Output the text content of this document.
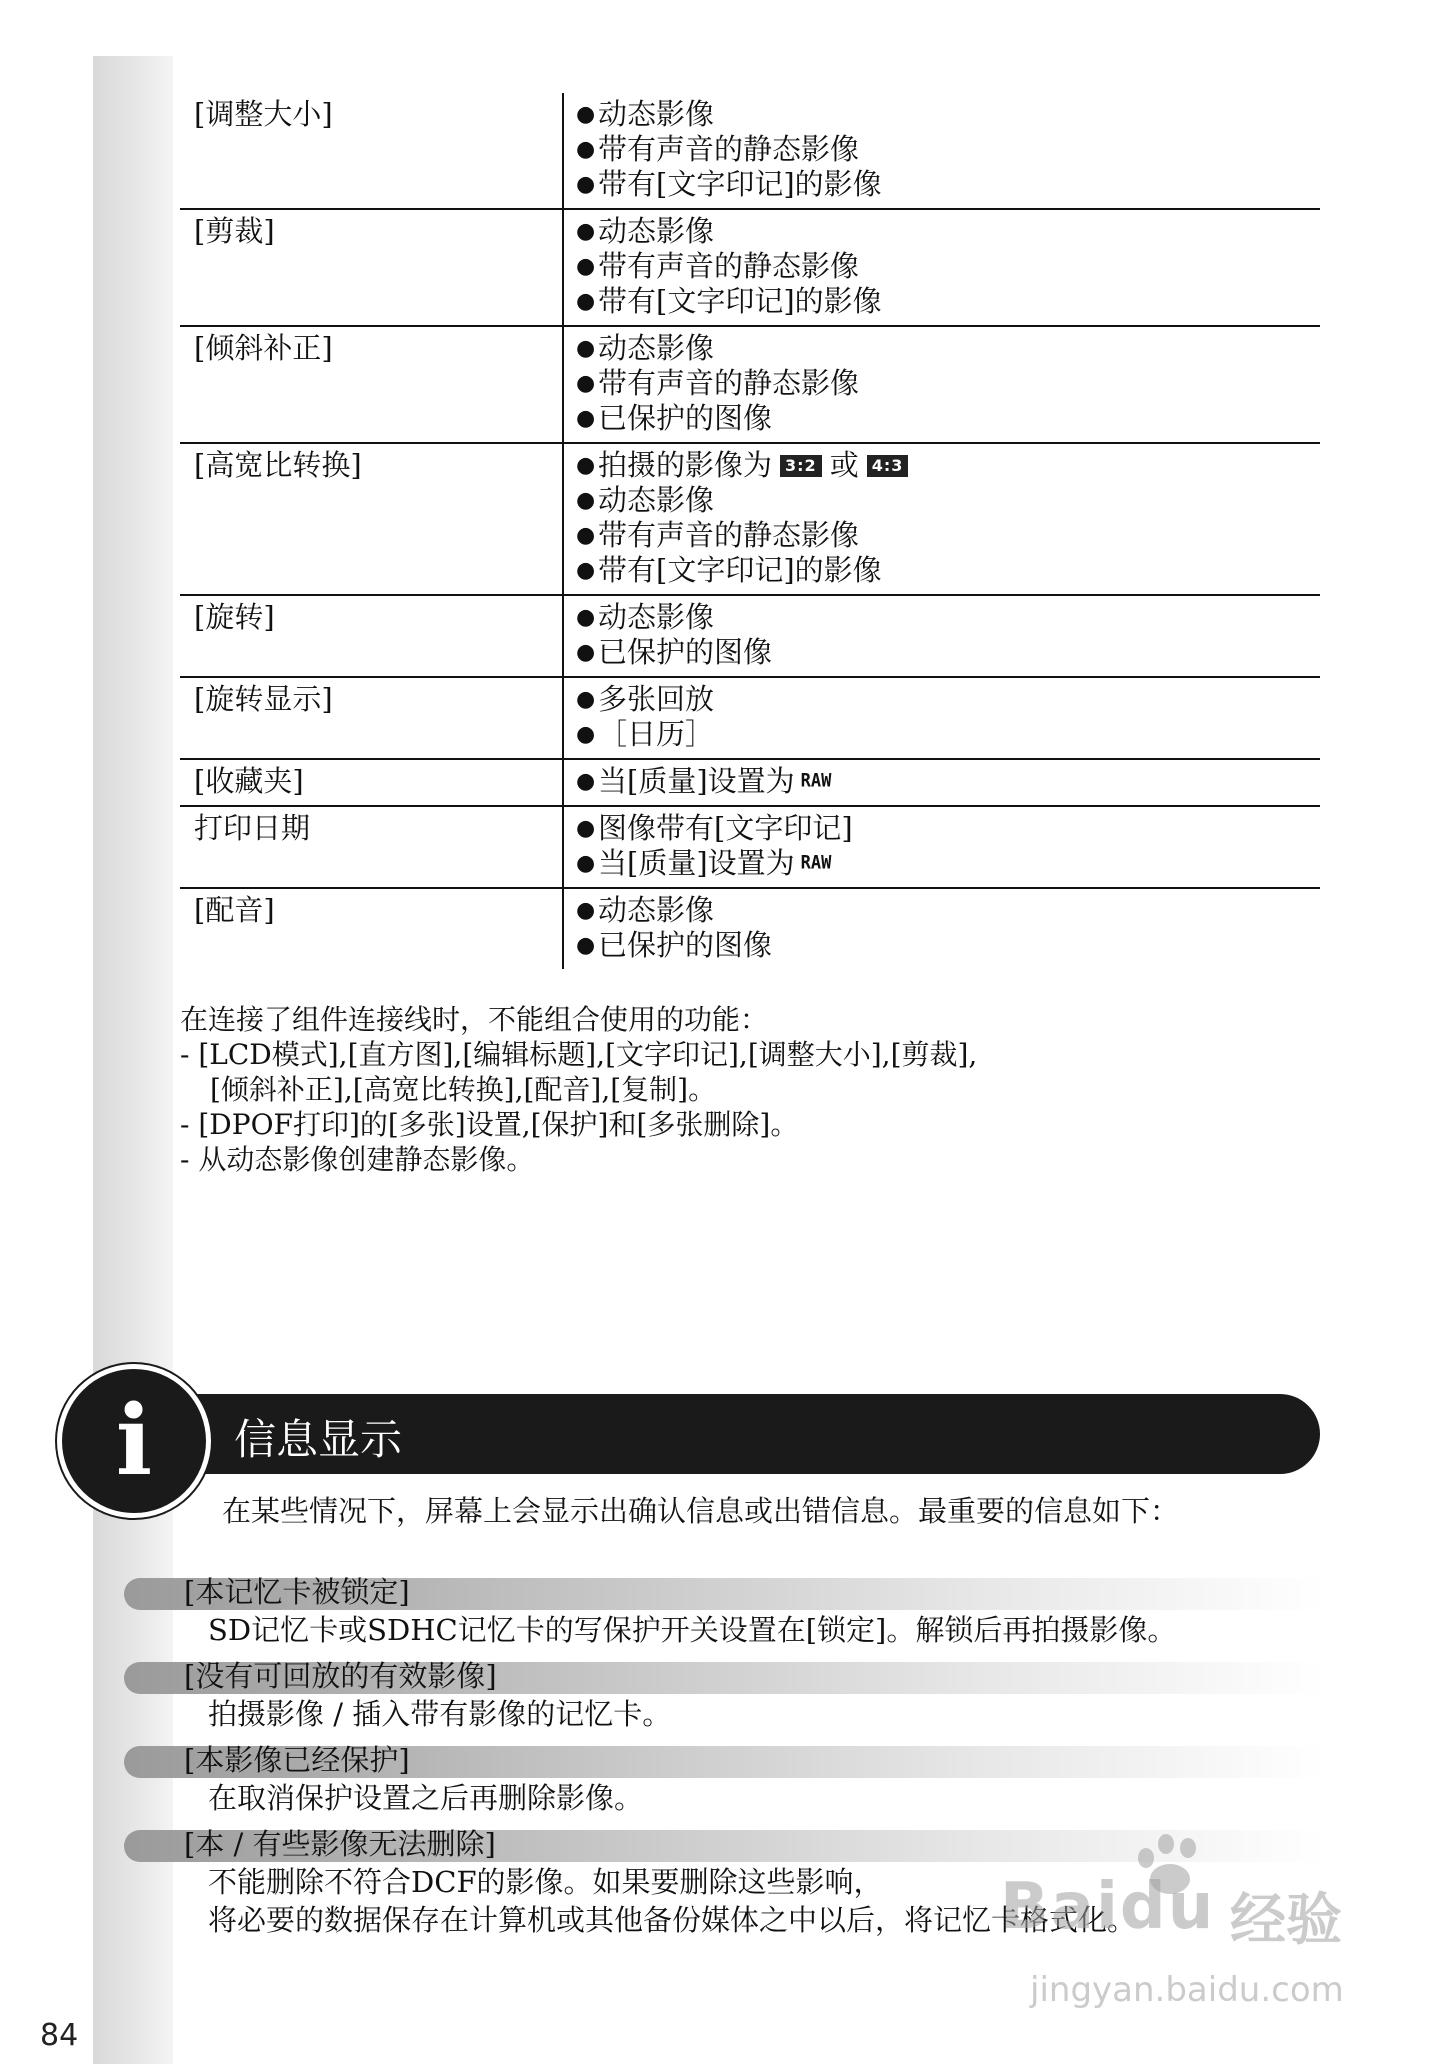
[调整大小]	● 动态影像
● 带有声音的静态影像
● 带有[文字印记]的影像
[剪裁]	● 动态影像
● 带有声音的静态影像
● 带有[文字印记]的影像
[倾斜补正]	● 动态影像
● 带有声音的静态影像
● 已保护的图像
[高宽比转换]	● 拍摄的影像为 3:2 或 4:3
● 动态影像
● 带有声音的静态影像
● 带有[文字印记]的影像
[旋转]	● 动态影像
● 已保护的图像
[旋转显示]	● 多张回放
● ［日历］
[收藏夹]	● 当[质量]设置为 RAW
打印日期	● 图像带有[文字印记]
● 当[质量]设置为 RAW
[配音]	● 动态影像
● 已保护的图像
在连接了组件连接线时，不能组合使用的功能：
- [LCD模式],[直方图],[编辑标题],[文字印记],[调整大小],[剪裁],
[倾斜补正],[高宽比转换],[配音],[复制]。
- [DPOF打印]的[多张]设置,[保护]和[多张删除]。
- 从动态影像创建静态影像。
i	信息显示
在某些情况下，屏幕上会显示出确认信息或出错信息。最重要的信息如下：
[本记忆卡被锁定]
SD记忆卡或SDHC记忆卡的写保护开关设置在[锁定]。解锁后再拍摄影像。
[没有可回放的有效影像]
拍摄影像 / 插入带有影像的记忆卡。
[本影像已经保护]
在取消保护设置之后再删除影像。
[本 / 有些影像无法删除]
不能删除不符合DCF的影像。如果要删除这些影响，
将必要的数据保存在计算机或其他备份媒体之中以后，将记忆卡格式化。
Baidu 经验
jingyan.baidu.com
84
